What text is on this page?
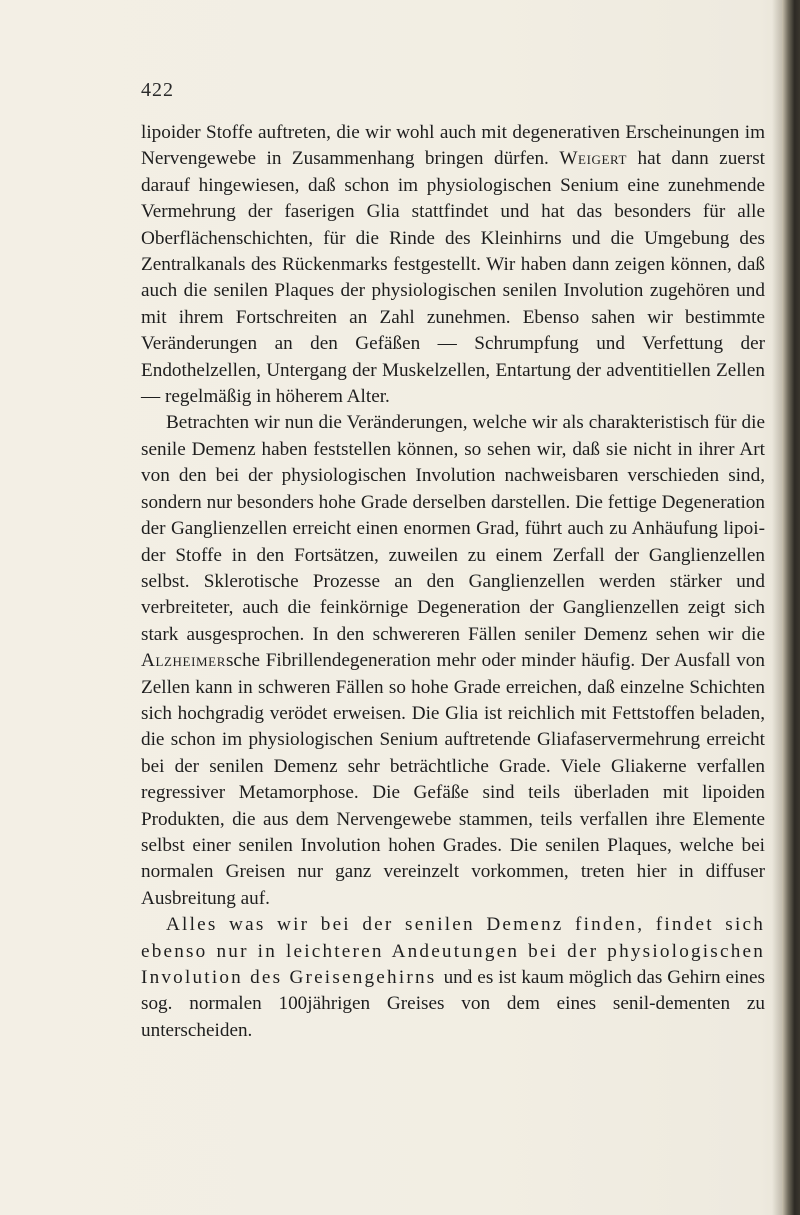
422

lipoider Stoffe auftreten, die wir wohl auch mit degenerativen Erscheinungen im Nervengewebe in Zusammenhang bringen dürfen. Weigert hat dann zuerst darauf hingewiesen, daß schon im physiologischen Senium eine zunehmende Vermehrung der faserigen Glia stattfindet und hat das besonders für alle Oberflächenschichten, für die Rinde des Kleinhirns und die Umgebung des Zentralkanals des Rückenmarks festgestellt. Wir haben dann zeigen können, daß auch die senilen Plaques der physiologischen senilen Involution zugehören und mit ihrem Fortschreiten an Zahl zunehmen. Ebenso sahen wir bestimmte Veränderungen an den Gefäßen — Schrumpfung und Verfettung der Endothelzellen, Untergang der Muskelzellen, Entartung der adventitiellen Zellen — regelmäßig in höherem Alter.

Betrachten wir nun die Veränderungen, welche wir als charakteristisch für die senile Demenz haben feststellen können, so sehen wir, daß sie nicht in ihrer Art von den bei der physiologischen Involution nachweisbaren verschieden sind, sondern nur besonders hohe Grade derselben darstellen. Die fettige Degeneration der Ganglienzellen erreicht einen enormen Grad, führt auch zu Anhäufung lipoider Stoffe in den Fortsätzen, zuweilen zu einem Zerfall der Ganglienzellen selbst. Sklerotische Prozesse an den Ganglienzellen werden stärker und verbreiteter, auch die feinkörnige Degeneration der Ganglienzellen zeigt sich stark ausgesprochen. In den schwereren Fällen seniler Demenz sehen wir die Alzheimersche Fibrillendegeneration mehr oder minder häufig. Der Ausfall von Zellen kann in schweren Fällen so hohe Grade erreichen, daß einzelne Schichten sich hochgradig verödet erweisen. Die Glia ist reichlich mit Fettstoffen beladen, die schon im physiologischen Senium auftretende Gliafaservermehrung erreicht bei der senilen Demenz sehr beträchtliche Grade. Viele Gliakerne verfallen regressiver Metamorphose. Die Gefäße sind teils überladen mit lipoiden Produkten, die aus dem Nervengewebe stammen, teils verfallen ihre Elemente selbst einer senilen Involution hohen Grades. Die senilen Plaques, welche bei normalen Greisen nur ganz vereinzelt vorkommen, treten hier in diffuser Ausbreitung auf.

Alles was wir bei der senilen Demenz finden, findet sich ebenso nur in leichteren Andeutungen bei der physiologischen Involution des Greisengehirns und es ist kaum möglich das Gehirn eines sog. normalen 100jährigen Greises von dem eines senil-dementen zu unterscheiden.
